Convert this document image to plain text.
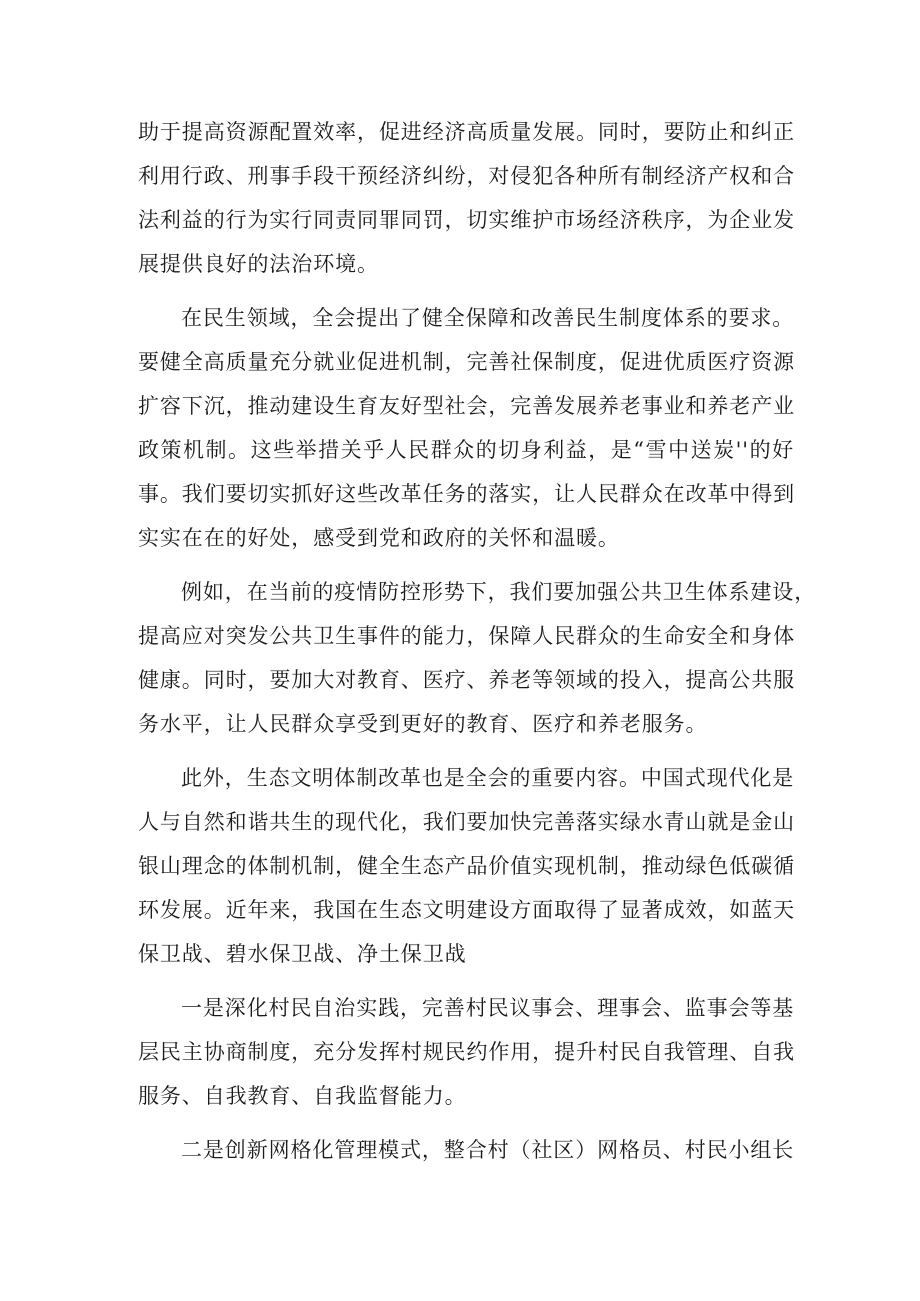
助于提高资源配置效率，促进经济高质量发展。同时，要防止和纠正

利用行政、刑事手段干预经济纠纷，对侵犯各种所有制经济产权和合

法利益的行为实行同责同罪同罚，切实维护市场经济秩序，为企业发

展提供良好的法治环境。

在民生领域，全会提出了健全保障和改善民生制度体系的要求。

要健全高质量充分就业促进机制，完善社保制度，促进优质医疗资源

扩容下沉，推动建设生育友好型社会，完善发展养老事业和养老产业

政策机制。这些举措关乎人民群众的切身利益，是“雪中送炭''的好

事。我们要切实抓好这些改革任务的落实，让人民群众在改革中得到

实实在在的好处，感受到党和政府的关怀和温暖。

例如，在当前的疫情防控形势下，我们要加强公共卫生体系建设，

提高应对突发公共卫生事件的能力，保障人民群众的生命安全和身体

健康。同时，要加大对教育、医疗、养老等领域的投入，提高公共服

务水平，让人民群众享受到更好的教育、医疗和养老服务。

此外，生态文明体制改革也是全会的重要内容。中国式现代化是

人与自然和谐共生的现代化，我们要加快完善落实绿水青山就是金山

银山理念的体制机制，健全生态产品价值实现机制，推动绿色低碳循

环发展。近年来，我国在生态文明建设方面取得了显著成效，如蓝天

保卫战、碧水保卫战、净土保卫战

一是深化村民自治实践，完善村民议事会、理事会、监事会等基

层民主协商制度，充分发挥村规民约作用，提升村民自我管理、自我

服务、自我教育、自我监督能力。

二是创新网格化管理模式，整合村（社区）网格员、村民小组长
